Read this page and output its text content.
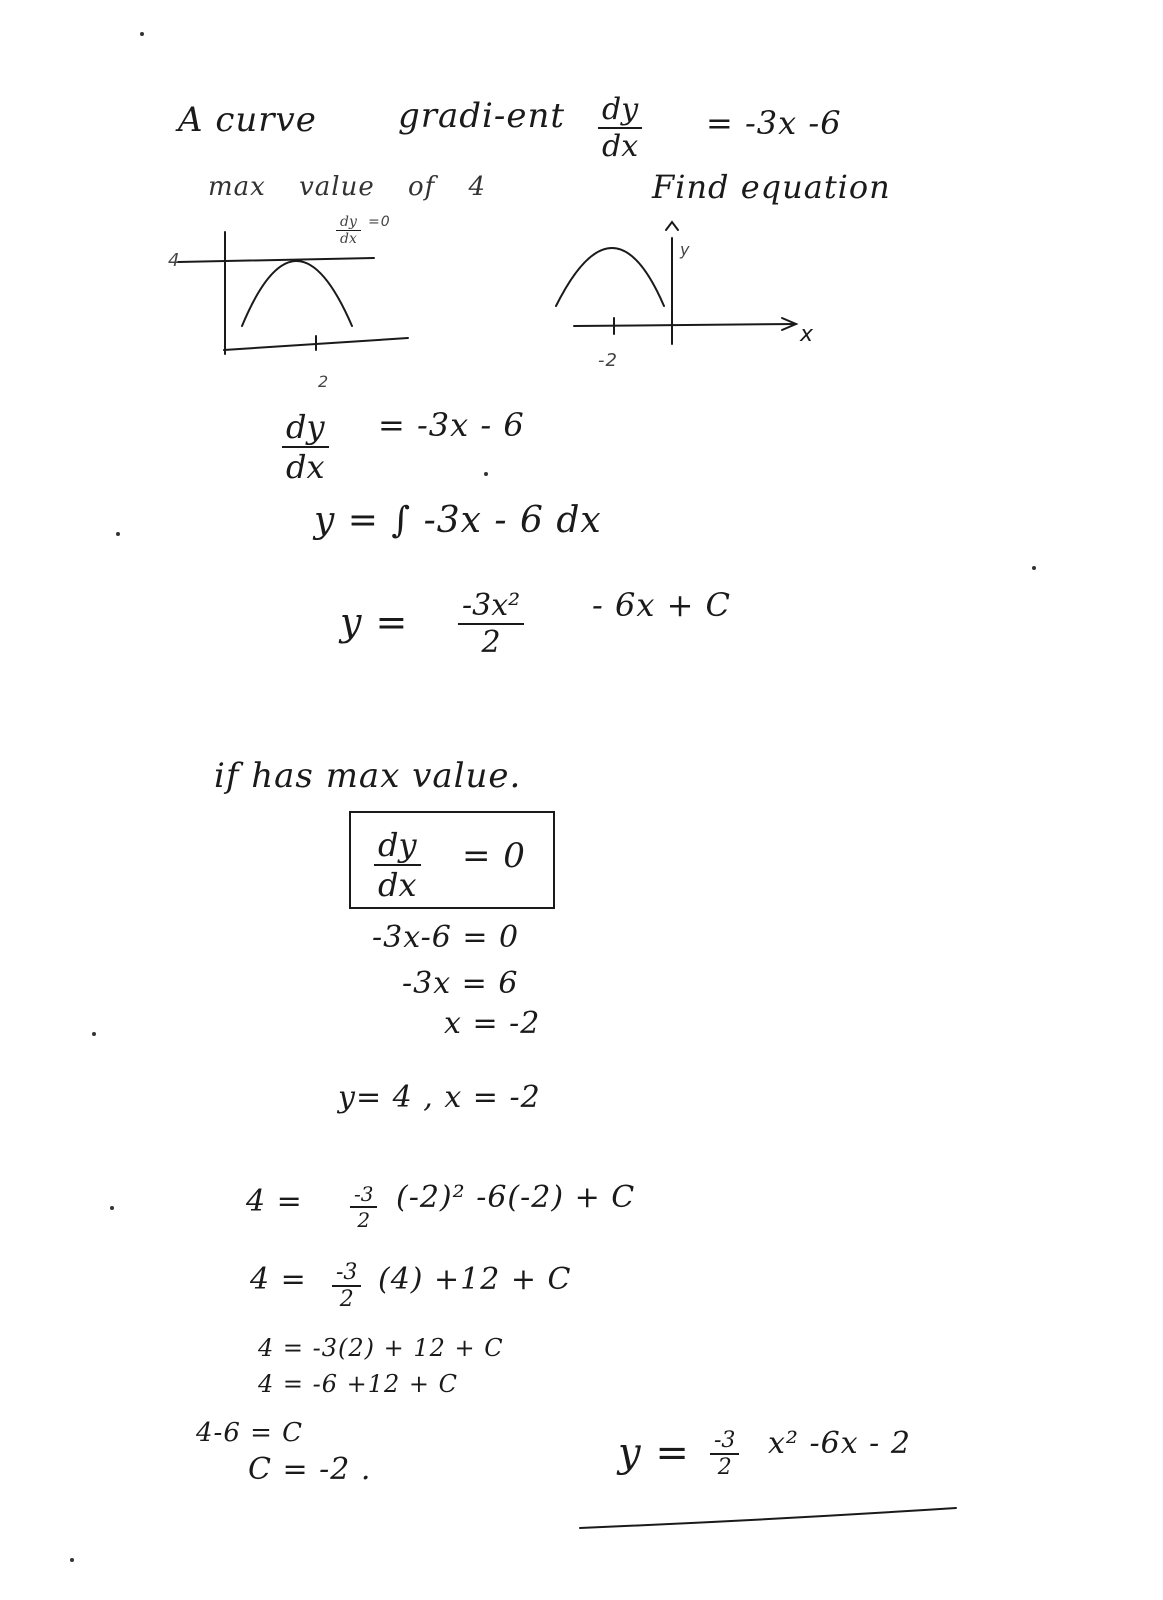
A curve gradi-ent $\frac{dy}{dx} = -3x$ -6
max value of 4	Find equation
4
2
$\frac{dy}{dx} =0$
-2
x
y
$\frac{dy}{dx} = -3x - 6$
y = ∫ -3x - 6 dx
$y = \frac{\text{-3x²}}{2} - 6x + C$
if has max value.
$\frac{dy}{dx} = 0$
-3x-6 = 0
-3x = 6
x = -2
y= 4 , x = -2
$4 = \frac{-3}{2} (-2)^2$ -6(-2) + C
$4 = \frac{-3}{2} (4) +12 + C$
4 = -3(2) + 12 + C
4 = -6 +12 + C
4-6 = C
C = -2 .	$y = \frac{-3}{2} x^2$ -6x - 2
